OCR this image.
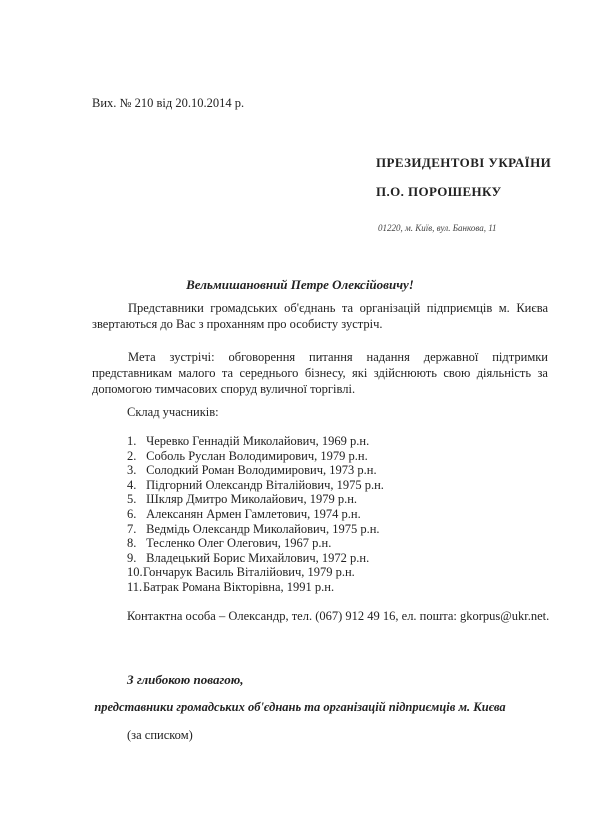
Вих. № 210 від 20.10.2014 р.
ПРЕЗИДЕНТОВІ УКРАЇНИ
П.О. ПОРОШЕНКУ
01220, м. Київ, вул. Банкова, 11
Вельмишановний Петре Олексійовичу!
Представники громадських об'єднань та організацій підприємців м. Києва звертаються до Вас з проханням про особисту зустріч.
Мета зустрічі: обговорення питання надання державної підтримки представникам малого та середнього бізнесу, які здійснюють свою діяльність за допомогою тимчасових споруд вуличної торгівлі.
Склад учасників:
1. Черевко Геннадій Миколайович, 1969 р.н.
2. Соболь Руслан Володимирович, 1979 р.н.
3. Солодкий Роман Володимирович, 1973 р.н.
4. Підгорний Олександр Віталійович, 1975 р.н.
5. Шкляр Дмитро Миколайович, 1979 р.н.
6. Алексанян Армен Гамлетович, 1974 р.н.
7. Ведмідь Олександр Миколайович, 1975 р.н.
8. Тесленко Олег Олегович, 1967 р.н.
9. Владецький Борис Михайлович, 1972 р.н.
10.Гончарук Василь Віталійович, 1979 р.н.
11.Батрак Романа Вікторівна, 1991 р.н.
Контактна особа – Олександр, тел. (067) 912 49 16, ел. пошта: gkorpus@ukr.net.
З глибокою повагою,
представники громадських об'єднань та організацій підприємців м. Києва
(за списком)
